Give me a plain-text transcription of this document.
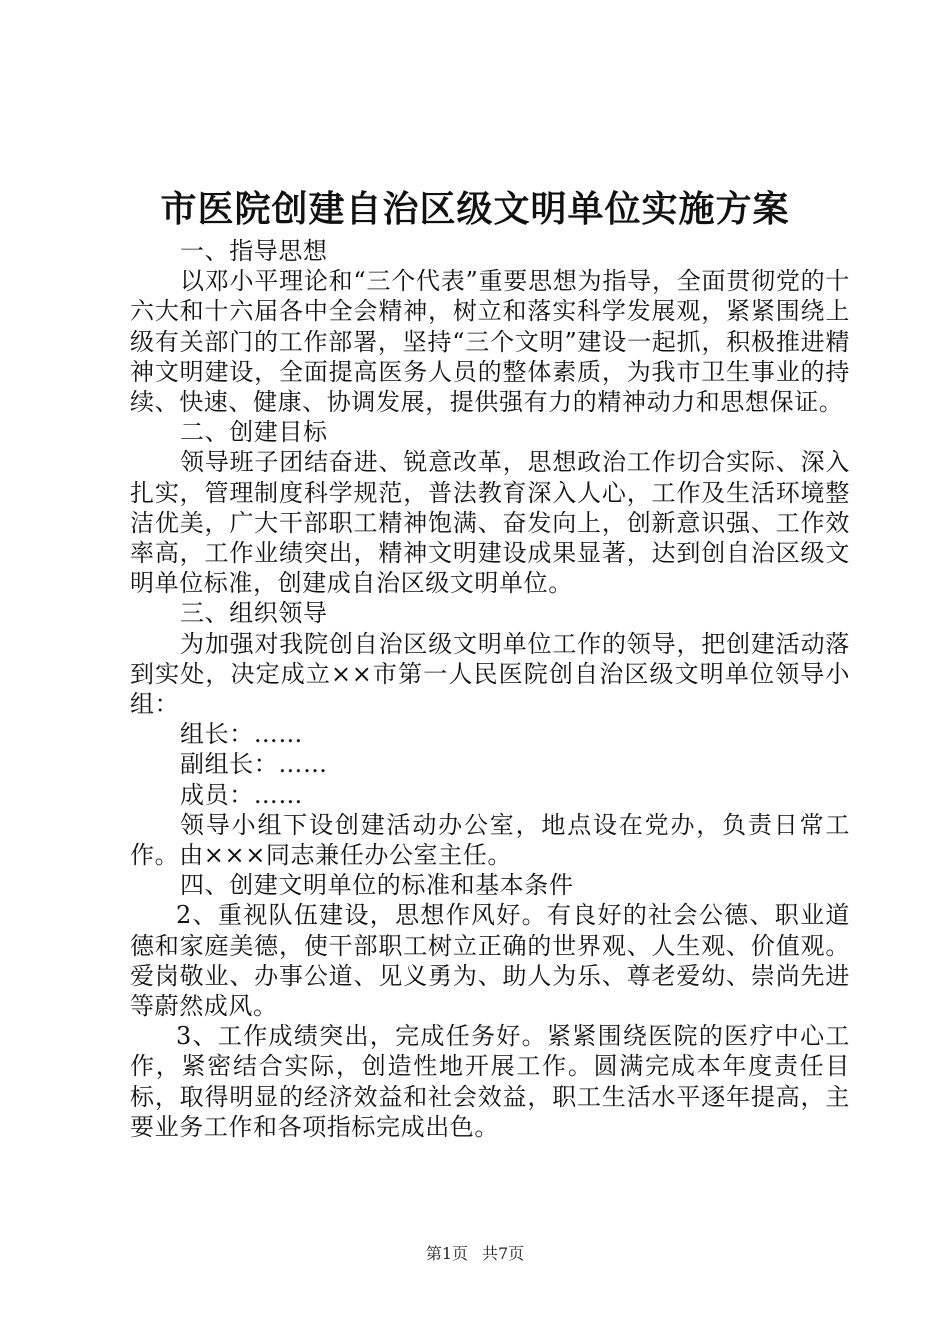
市医院创建自治区级文明单位实施方案

一、指导思想

以邓小平理论和“三个代表”重要思想为指导，全面贯彻党的十六大和十六届各中全会精神，树立和落实科学发展观，紧紧围绕上级有关部门的工作部署，坚持“三个文明”建设一起抓，积极推进精神文明建设，全面提高医务人员的整体素质，为我市卫生事业的持续、快速、健康、协调发展，提供强有力的精神动力和思想保证。

二、创建目标

领导班子团结奋进、锐意改革，思想政治工作切合实际、深入扎实，管理制度科学规范，普法教育深入人心，工作及生活环境整洁优美，广大干部职工精神饱满、奋发向上，创新意识强、工作效率高，工作业绩突出，精神文明建设成果显著，达到创自治区级文明单位标准，创建成自治区级文明单位。

三、组织领导

为加强对我院创自治区级文明单位工作的领导，把创建活动落到实处，决定成立××市第一人民医院创自治区级文明单位领导小组：

组长：……

副组长：……

成员：……

领导小组下设创建活动办公室，地点设在党办，负责日常工作。由×××同志兼任办公室主任。

四、创建文明单位的标准和基本条件

2、重视队伍建设，思想作风好。有良好的社会公德、职业道德和家庭美德，使干部职工树立正确的世界观、人生观、价值观。爱岗敬业、办事公道、见义勇为、助人为乐、尊老爱幼、崇尚先进等蔚然成风。

3、工作成绩突出，完成任务好。紧紧围绕医院的医疗中心工作，紧密结合实际，创造性地开展工作。圆满完成本年度责任目标，取得明显的经济效益和社会效益，职工生活水平逐年提高，主要业务工作和各项指标完成出色。

第1页 共7页
